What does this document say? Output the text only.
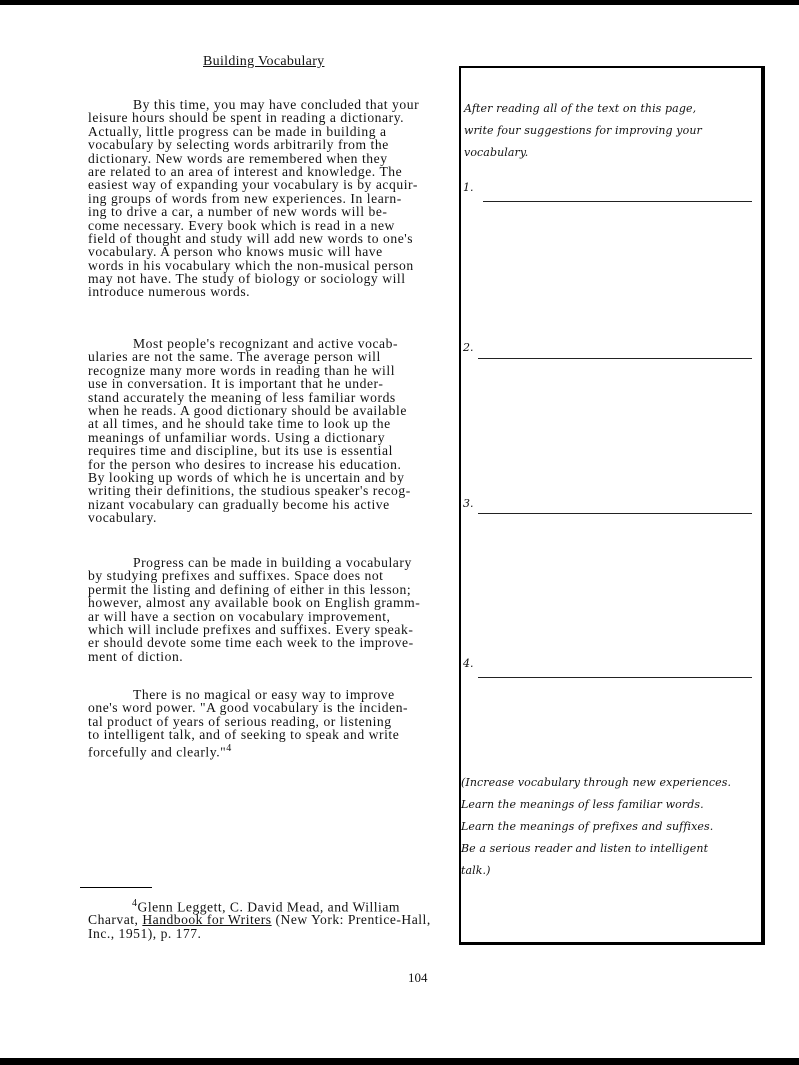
Building Vocabulary
By this time, you may have concluded that your
leisure hours should be spent in reading a dictionary.
Actually, little progress can be made in building a
vocabulary by selecting words arbitrarily from the
dictionary. New words are remembered when they
are related to an area of interest and knowledge. The
easiest way of expanding your vocabulary is by acquir-
ing groups of words from new experiences. In learn-
ing to drive a car, a number of new words will be-
come necessary. Every book which is read in a new
field of thought and study will add new words to one's
vocabulary. A person who knows music will have
words in his vocabulary which the non-musical person
may not have. The study of biology or sociology will
introduce numerous words.
Most people's recognizant and active vocab-
ularies are not the same. The average person will
recognize many more words in reading than he will
use in conversation. It is important that he under-
stand accurately the meaning of less familiar words
when he reads. A good dictionary should be available
at all times, and he should take time to look up the
meanings of unfamiliar words. Using a dictionary
requires time and discipline, but its use is essential
for the person who desires to increase his education.
By looking up words of which he is uncertain and by
writing their definitions, the studious speaker's recog-
nizant vocabulary can gradually become his active
vocabulary.
Progress can be made in building a vocabulary
by studying prefixes and suffixes. Space does not
permit the listing and defining of either in this lesson;
however, almost any available book on English gramm-
ar will have a section on vocabulary improvement,
which will include prefixes and suffixes. Every speak-
er should devote some time each week to the improve-
ment of diction.
There is no magical or easy way to improve
one's word power. "A good vocabulary is the inciden-
tal product of years of serious reading, or listening
to intelligent talk, and of seeking to speak and write
forcefully and clearly."$^4$
After reading all of the text on this page,
write four suggestions for improving your
vocabulary.
1.
2.
3.
4.
(Increase vocabulary through new experiences.
Learn the meanings of less familiar words.
Learn the meanings of prefixes and suffixes.
Be a serious reader and listen to intelligent
talk.)
$^4$Glenn Leggett, C. David Mead, and William
Charvat, Handbook for Writers (New York: Prentice-Hall,
Inc., 1951), p. 177.
104
